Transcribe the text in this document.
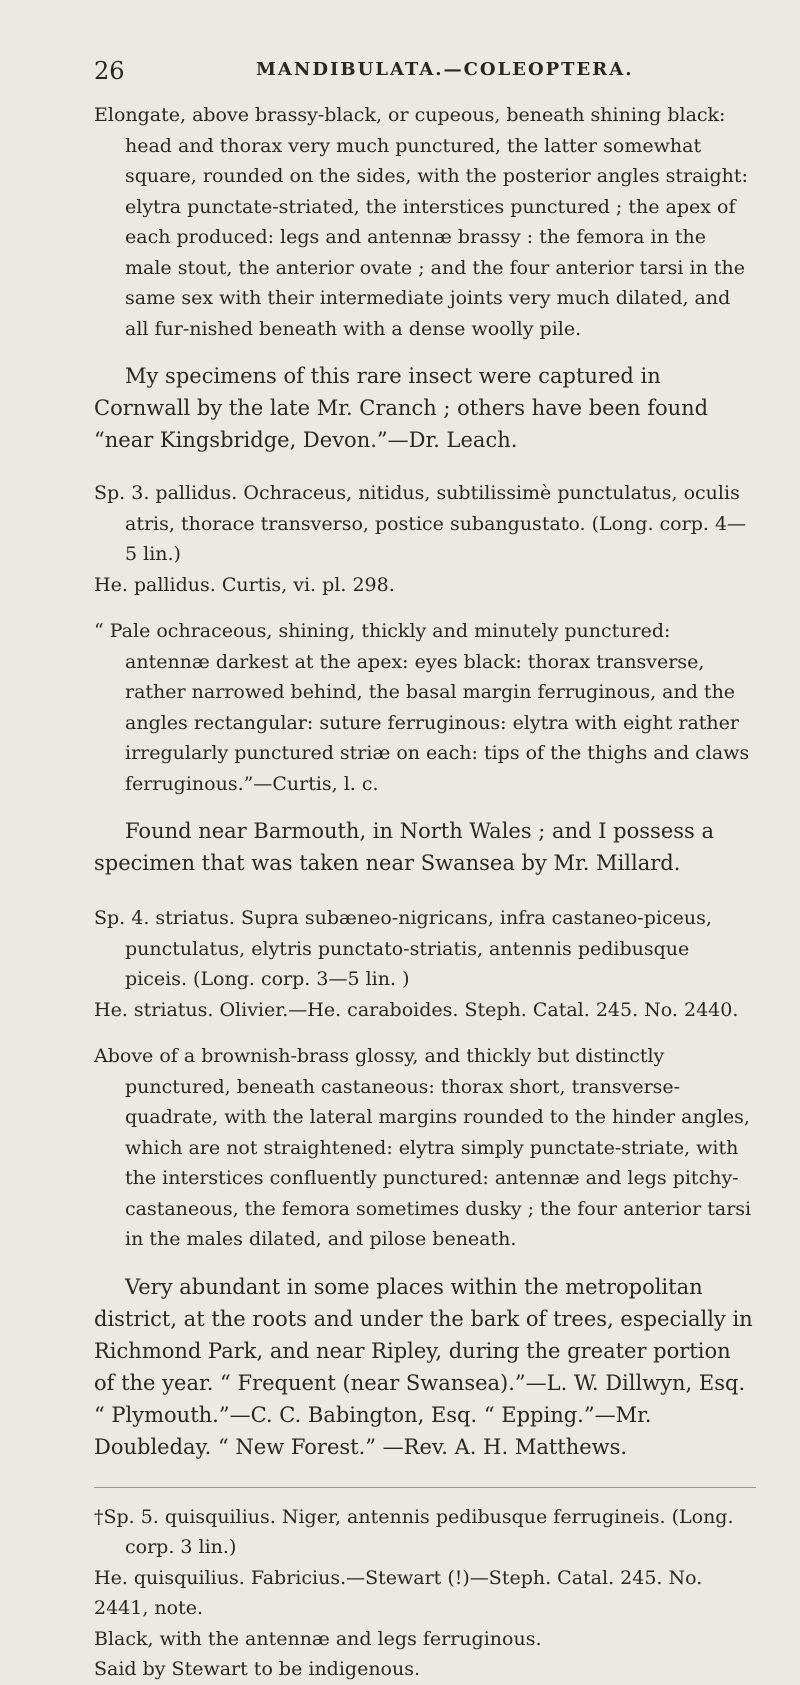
26	MANDIBULATA.—COLEOPTERA.

Elongate, above brassy-black, or cupeous, beneath shining black: head and thorax very much punctured, the latter somewhat square, rounded on the sides, with the posterior angles straight: elytra punctate-striated, the interstices punctured ; the apex of each produced: legs and antennæ brassy : the femora in the male stout, the anterior ovate ; and the four anterior tarsi in the same sex with their intermediate joints very much dilated, and all fur-nished beneath with a dense woolly pile.

My specimens of this rare insect were captured in Cornwall by the late Mr. Cranch ; others have been found “near Kingsbridge, Devon.”—Dr. Leach.

Sp. 3. pallidus. Ochraceus, nitidus, subtilissimè punctulatus, oculis atris, thorace transverso, postice subangustato. (Long. corp. 4—5 lin.)

He. pallidus. Curtis, vi. pl. 298.

“ Pale ochraceous, shining, thickly and minutely punctured: antennæ darkest at the apex: eyes black: thorax transverse, rather narrowed behind, the basal margin ferruginous, and the angles rectangular: suture ferruginous: elytra with eight rather irregularly punctured striæ on each: tips of the thighs and claws ferruginous.”—Curtis, l. c.

Found near Barmouth, in North Wales ; and I possess a specimen that was taken near Swansea by Mr. Millard.

Sp. 4. striatus. Supra subæneo-nigricans, infra castaneo-piceus, punctulatus, elytris punctato-striatis, antennis pedibusque piceis. (Long. corp. 3—5 lin. )

He. striatus. Olivier.—He. caraboides. Steph. Catal. 245. No. 2440.

Above of a brownish-brass glossy, and thickly but distinctly punctured, beneath castaneous: thorax short, transverse-quadrate, with the lateral margins rounded to the hinder angles, which are not straightened: elytra simply punctate-striate, with the interstices confluently punctured: antennæ and legs pitchy-castaneous, the femora sometimes dusky ; the four anterior tarsi in the males dilated, and pilose beneath.

Very abundant in some places within the metropolitan district, at the roots and under the bark of trees, especially in Richmond Park, and near Ripley, during the greater portion of the year. “ Frequent (near Swansea).”—L. W. Dillwyn, Esq. “ Plymouth.”—C. C. Babington, Esq. “ Epping.”—Mr. Doubleday. “ New Forest.” —Rev. A. H. Matthews.

†Sp. 5. quisquilius. Niger, antennis pedibusque ferrugineis. (Long. corp. 3 lin.)

He. quisquilius. Fabricius.—Stewart (!)—Steph. Catal. 245. No. 2441, note.

Black, with the antennæ and legs ferruginous.

Said by Stewart to be indigenous.
